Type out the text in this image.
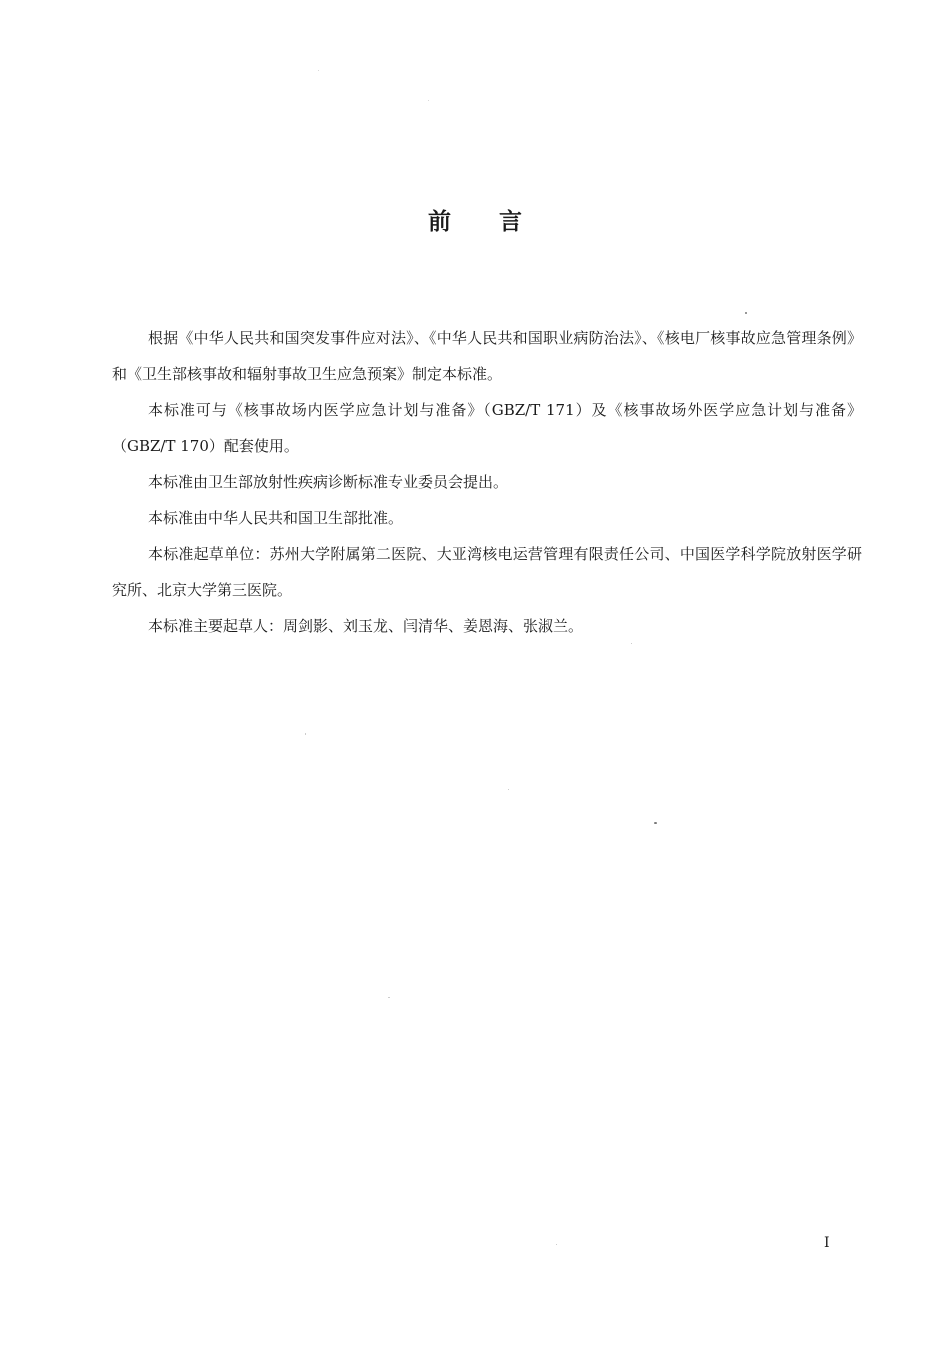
前言

根据《中华人民共和国突发事件应对法》、《中华人民共和国职业病防治法》、《核电厂核事故应急管理条例》和《卫生部核事故和辐射事故卫生应急预案》制定本标准。

本标准可与《核事故场内医学应急计划与准备》（GBZ/T 171）及《核事故场外医学应急计划与准备》（GBZ/T 170）配套使用。

本标准由卫生部放射性疾病诊断标准专业委员会提出。

本标准由中华人民共和国卫生部批准。

本标准起草单位：苏州大学附属第二医院、大亚湾核电运营管理有限责任公司、中国医学科学院放射医学研究所、北京大学第三医院。

本标准主要起草人：周剑影、刘玉龙、闫清华、姜恩海、张淑兰。

I
